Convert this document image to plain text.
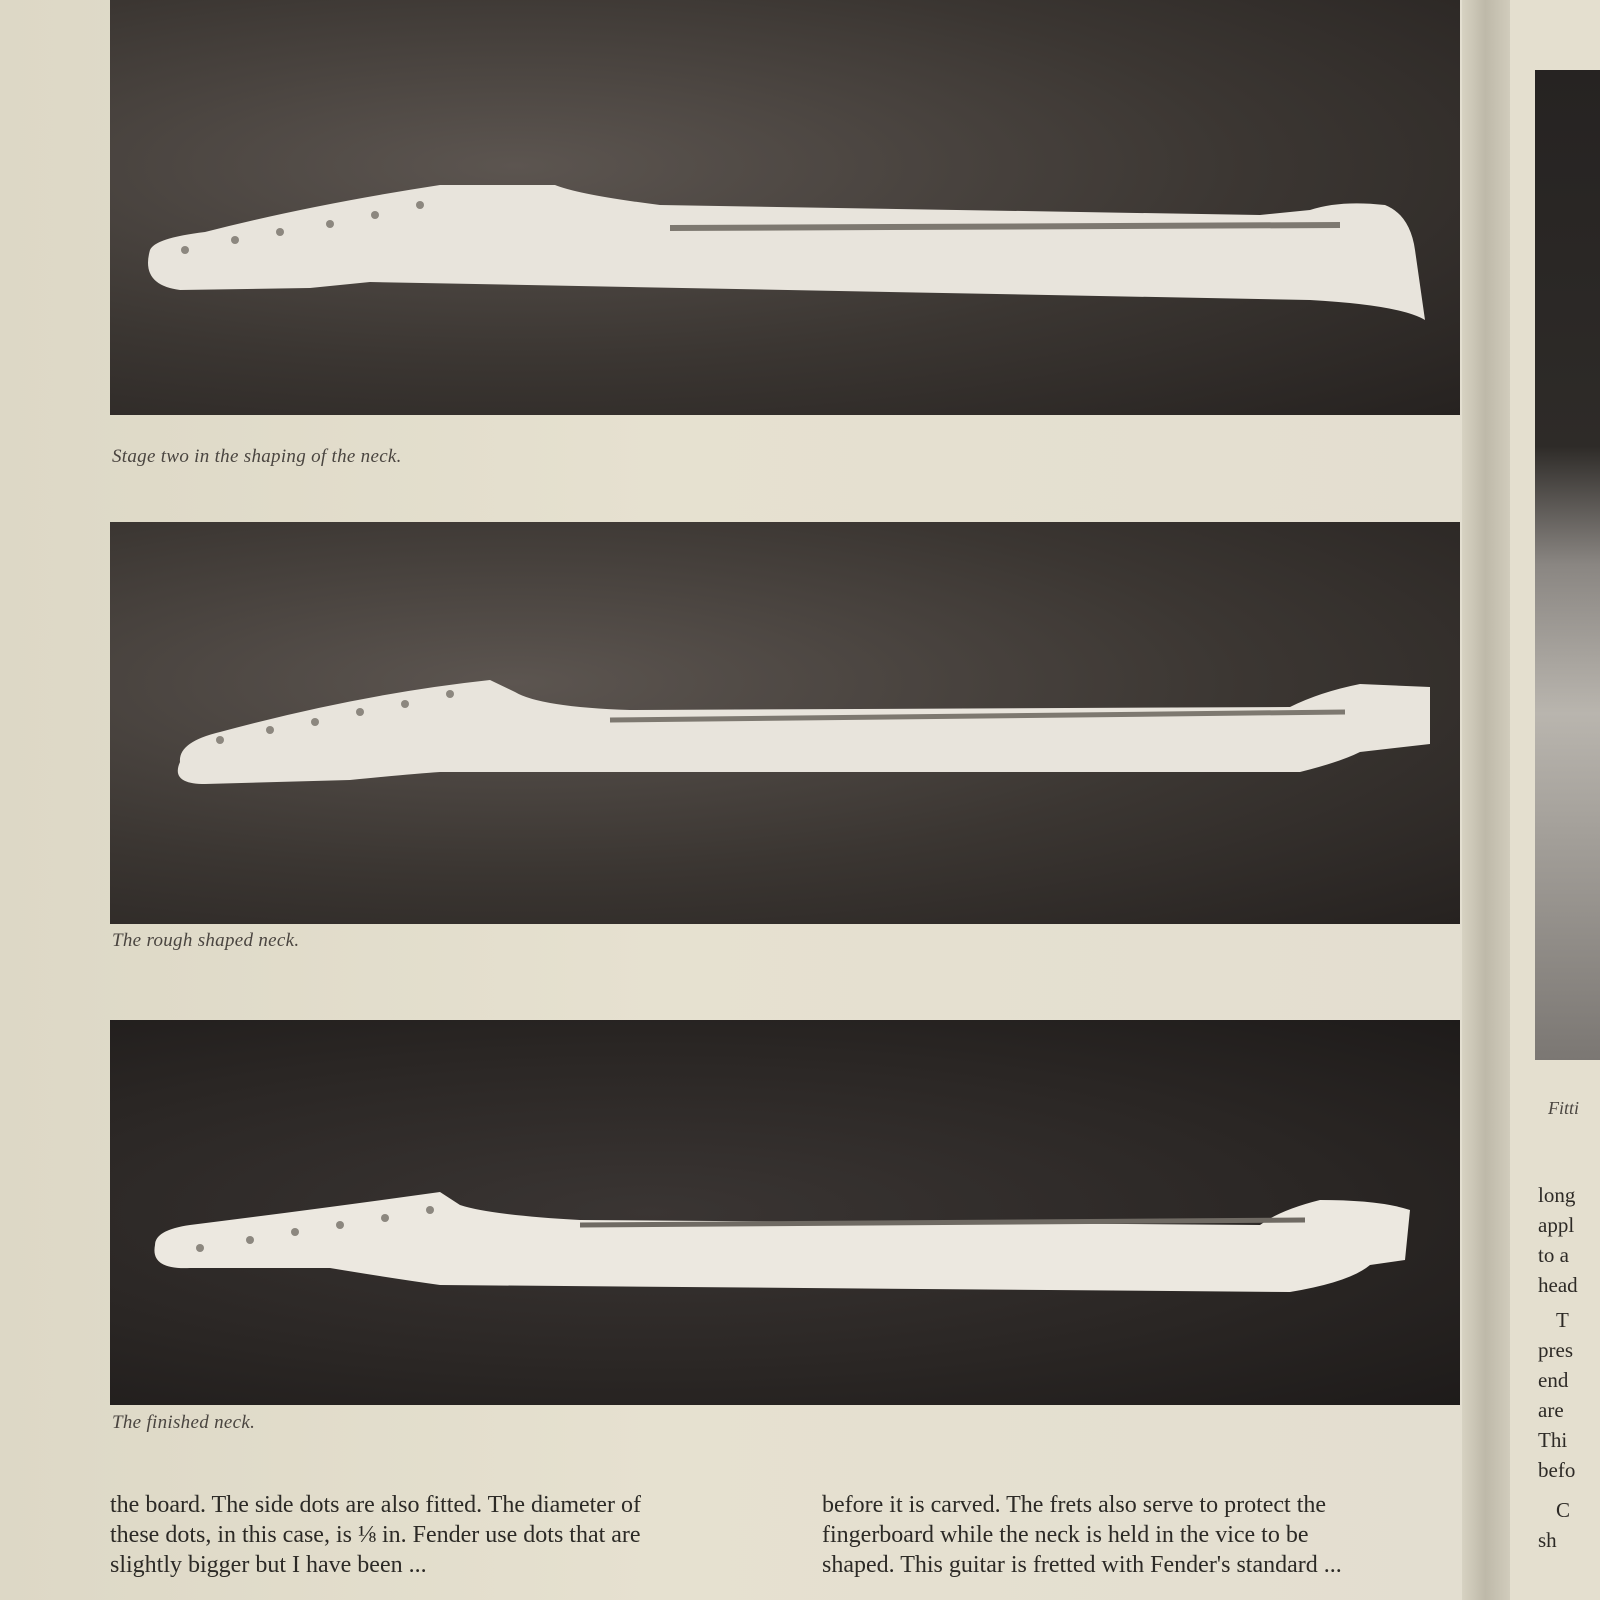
Stage two in the shaping of the neck.
The rough shaped neck.
The finished neck.

the board. The side dots are also fitted. The diameter of

these dots, in this case, is ⅛ in. Fender use dots that are

slightly bigger but I have been ...

before it is carved. The frets also serve to protect the

fingerboard while the neck is held in the vice to be

shaped. This guitar is fretted with Fender's standard ...

Fitti
long
appl
to a
head
T
pres
end
are
Thi
befo
C
sh
